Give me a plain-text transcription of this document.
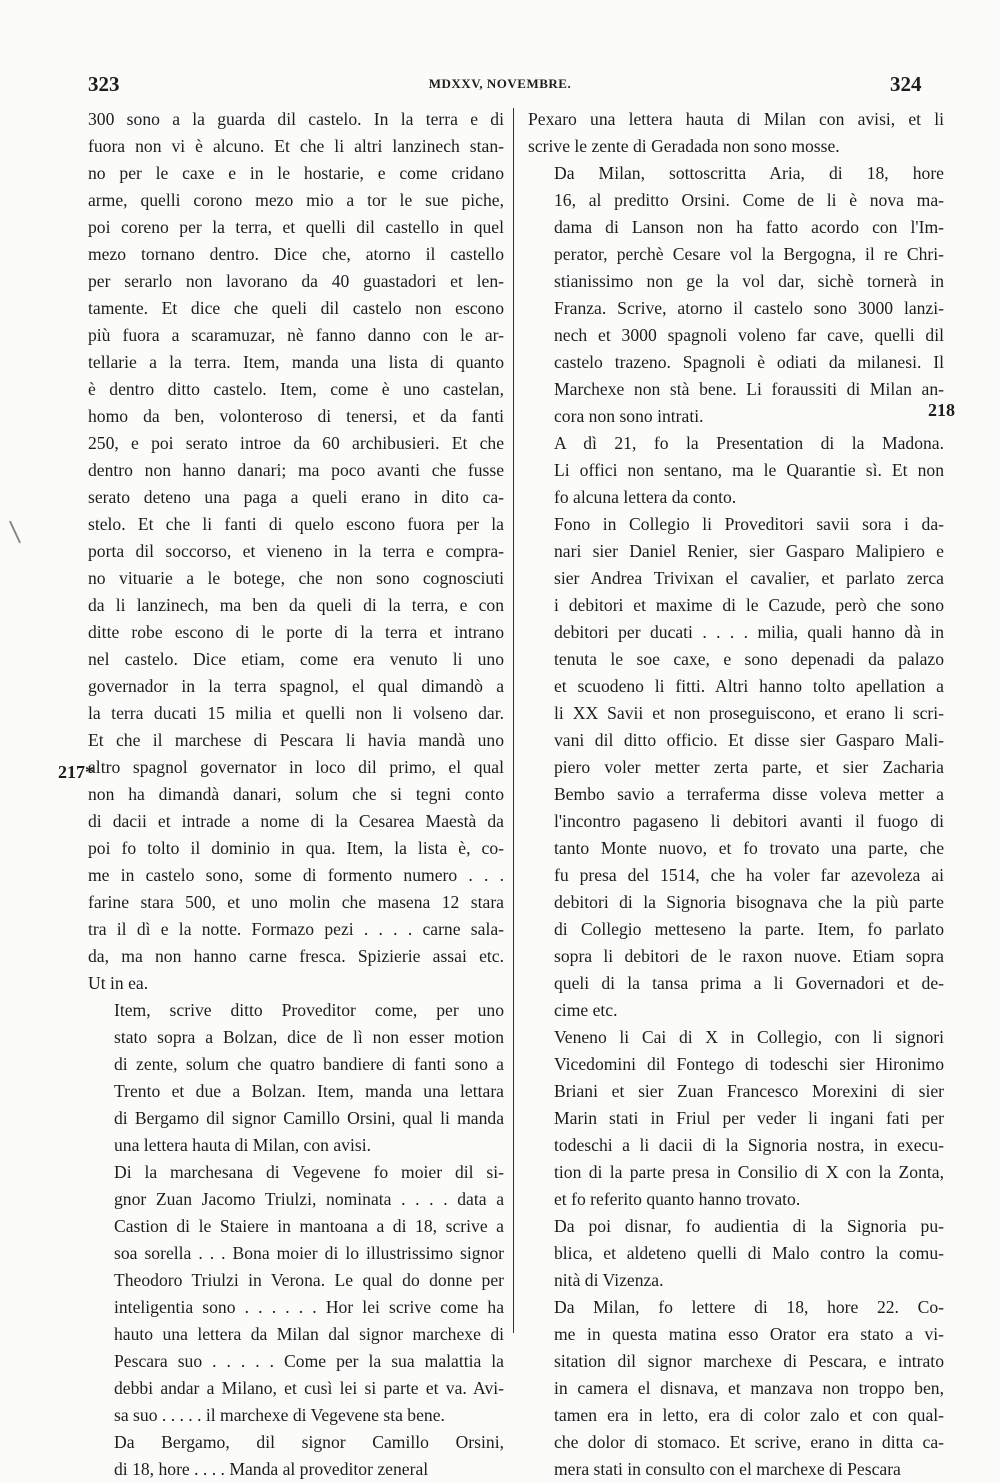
323	MDXXV, NOVEMBRE.	324
217*
218
300 sono a la guarda dil castelo. In la terra e di
fuora non vi è alcuno. Et che li altri lanzinech stan-
no per le caxe e in le hostarie, e come cridano
arme, quelli corono mezo mio a tor le sue piche,
poi coreno per la terra, et quelli dil castello in quel
mezo tornano dentro. Dice che, atorno il castello
per serarlo non lavorano da 40 guastadori et len-
tamente. Et dice che queli dil castelo non escono
più fuora a scaramuzar, nè fanno danno con le ar-
tellarie a la terra. Item, manda una lista di quanto
è dentro ditto castelo. Item, come è uno castelan,
homo da ben, volonteroso di tenersi, et da fanti
250, e poi serato introe da 60 archibusieri. Et che
dentro non hanno danari; ma poco avanti che fusse
serato deteno una paga a queli erano in dito ca-
stelo. Et che li fanti di quelo escono fuora per la
porta dil soccorso, et vieneno in la terra e compra-
no vituarie a le botege, che non sono cognosciuti
da li lanzinech, ma ben da queli di la terra, e con
ditte robe escono di le porte di la terra et intrano
nel castelo. Dice etiam, come era venuto li uno
governador in la terra spagnol, el qual dimandò a
la terra ducati 15 milia et quelli non li volseno dar.
Et che il marchese di Pescara li havia mandà uno
altro spagnol governator in loco dil primo, el qual
non ha dimandà danari, solum che si tegni conto
di dacii et intrade a nome di la Cesarea Maestà da
poi fo tolto il dominio in qua. Item, la lista è, co-
me in castelo sono, some di formento numero . . .
farine stara 500, et uno molin che masena 12 stara
tra il dì e la notte. Formazo pezi . . . . carne sala-
da, ma non hanno carne fresca. Spizierie assai etc.
Ut in ea.
Item, scrive ditto Proveditor come, per uno
stato sopra a Bolzan, dice de lì non esser motion
di zente, solum che quatro bandiere di fanti sono a
Trento et due a Bolzan. Item, manda una lettara
di Bergamo dil signor Camillo Orsini, qual li manda
una lettera hauta di Milan, con avisi.
Di la marchesana di Vegevene fo moier dil si-
gnor Zuan Jacomo Triulzi, nominata . . . . data a
Castion di le Staiere in mantoana a di 18, scrive a
soa sorella . . . Bona moier di lo illustrissimo signor
Theodoro Triulzi in Verona. Le qual do donne per
inteligentia sono . . . . . . Hor lei scrive come ha
hauto una lettera da Milan dal signor marchexe di
Pescara suo . . . . . Come per la sua malattia la
debbi andar a Milano, et cusì lei si parte et va. Avi-
sa suo . . . . . il marchexe di Vegevene sta bene.
Da Bergamo, dil signor Camillo Orsini,
di 18, hore . . . . Manda al proveditor zeneral
Pexaro una lettera hauta di Milan con avisi, et li
scrive le zente di Geradada non sono mosse.
Da Milan, sottoscritta Aria, di 18, hore
16, al preditto Orsini. Come de li è nova ma-
dama di Lanson non ha fatto acordo con l'Im-
perator, perchè Cesare vol la Bergogna, il re Chri-
stianissimo non ge la vol dar, sichè tornerà in
Franza. Scrive, atorno il castelo sono 3000 lanzi-
nech et 3000 spagnoli voleno far cave, quelli dil
castelo trazeno. Spagnoli è odiati da milanesi. Il
Marchexe non stà bene. Li foraussiti di Milan an-
cora non sono intrati.
A dì 21, fo la Presentation di la Madona.
Li offici non sentano, ma le Quarantie sì. Et non
fo alcuna lettera da conto.
Fono in Collegio li Proveditori savii sora i da-
nari sier Daniel Renier, sier Gasparo Malipiero e
sier Andrea Trivixan el cavalier, et parlato zerca
i debitori et maxime di le Cazude, però che sono
debitori per ducati . . . . milia, quali hanno dà in
tenuta le soe caxe, e sono depenadi da palazo
et scuodeno li fitti. Altri hanno tolto apellation a
li XX Savii et non proseguiscono, et erano li scri-
vani dil ditto officio. Et disse sier Gasparo Mali-
piero voler metter zerta parte, et sier Zacharia
Bembo savio a terraferma disse voleva metter a
l'incontro pagaseno li debitori avanti il fuogo di
tanto Monte nuovo, et fo trovato una parte, che
fu presa del 1514, che ha voler far azevoleza ai
debitori di la Signoria bisognava che la più parte
di Collegio metteseno la parte. Item, fo parlato
sopra li debitori de le raxon nuove. Etiam sopra
queli di la tansa prima a li Governadori et de-
cime etc.
Veneno li Cai di X in Collegio, con li signori
Vicedomini dil Fontego di todeschi sier Hironimo
Briani et sier Zuan Francesco Morexini di sier
Marin stati in Friul per veder li ingani fati per
todeschi a li dacii di la Signoria nostra, in execu-
tion di la parte presa in Consilio di X con la Zonta,
et fo referito quanto hanno trovato.
Da poi disnar, fo audientia di la Signoria pu-
blica, et aldeteno quelli di Malo contro la comu-
nità di Vizenza.
Da Milan, fo lettere di 18, hore 22. Co-
me in questa matina esso Orator era stato a vi-
sitation dil signor marchexe di Pescara, e intrato
in camera el disnava, et manzava non troppo ben,
tamen era in letto, era di color zalo et con qual-
che dolor di stomaco. Et scrive, erano in ditta ca-
mera stati in consulto con el marchexe di Pescara
